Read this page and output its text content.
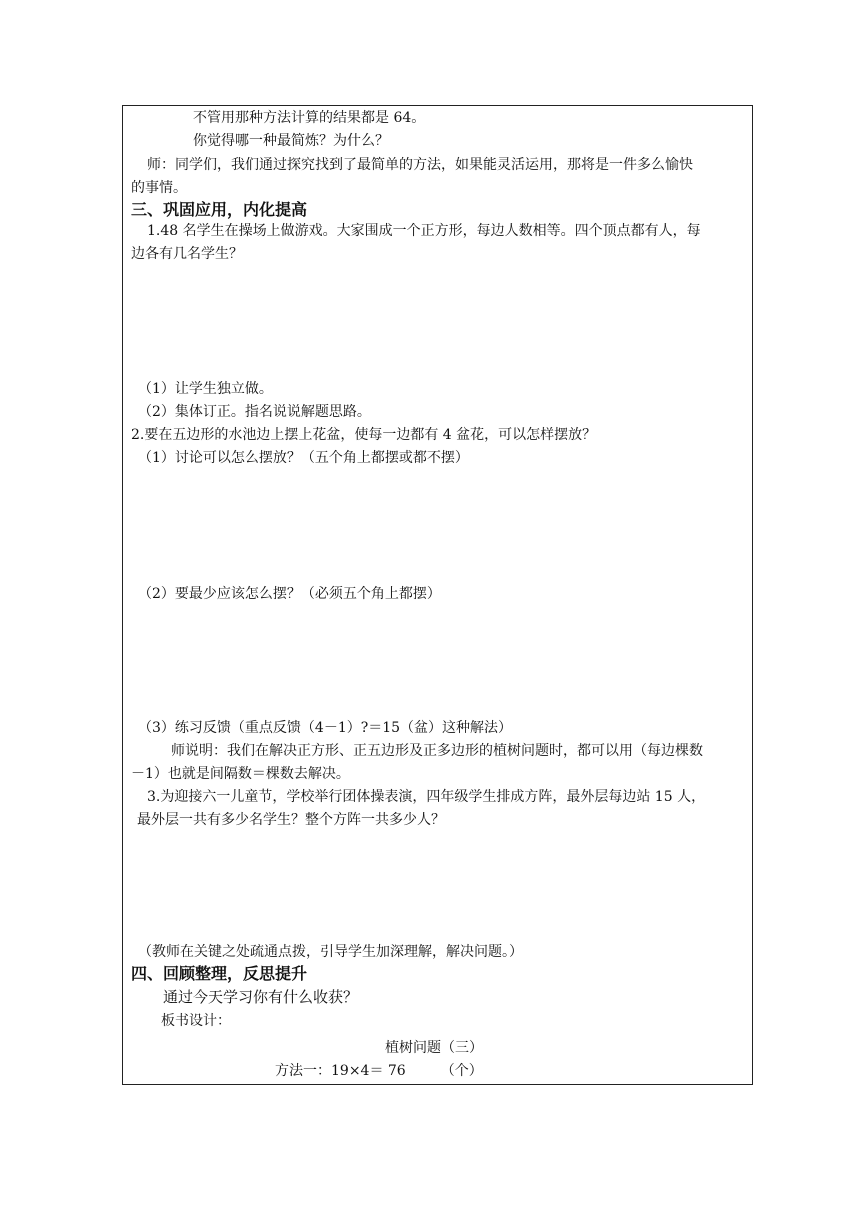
不管用那种方法计算的结果都是 64。
你觉得哪一种最简炼？为什么？
师：同学们，我们通过探究找到了最简单的方法，如果能灵活运用，那将是一件多么愉快
的事情。
三、巩固应用，内化提高
1.48 名学生在操场上做游戏。大家围成一个正方形，每边人数相等。四个顶点都有人，每
边各有几名学生？
（1）让学生独立做。
（2）集体订正。指名说说解题思路。
2.要在五边形的水池边上摆上花盆，使每一边都有 4 盆花，可以怎样摆放？
（1）讨论可以怎么摆放？（五个角上都摆或都不摆）
（2）要最少应该怎么摆？（必须五个角上都摆）
（3）练习反馈（重点反馈（4－1）?＝15（盆）这种解法）
师说明：我们在解决正方形、正五边形及正多边形的植树问题时，都可以用（每边棵数
－1）也就是间隔数＝棵数去解决。
3.为迎接六一儿童节，学校举行团体操表演，四年级学生排成方阵，最外层每边站 15 人，
最外层一共有多少名学生？整个方阵一共多少人？
（教师在关键之处疏通点拨，引导学生加深理解，解决问题。）
四、回顾整理，反思提升
通过今天学习你有什么收获？
板书设计：
植树问题（三）
方法一：19×4＝ 76　　　（个）
